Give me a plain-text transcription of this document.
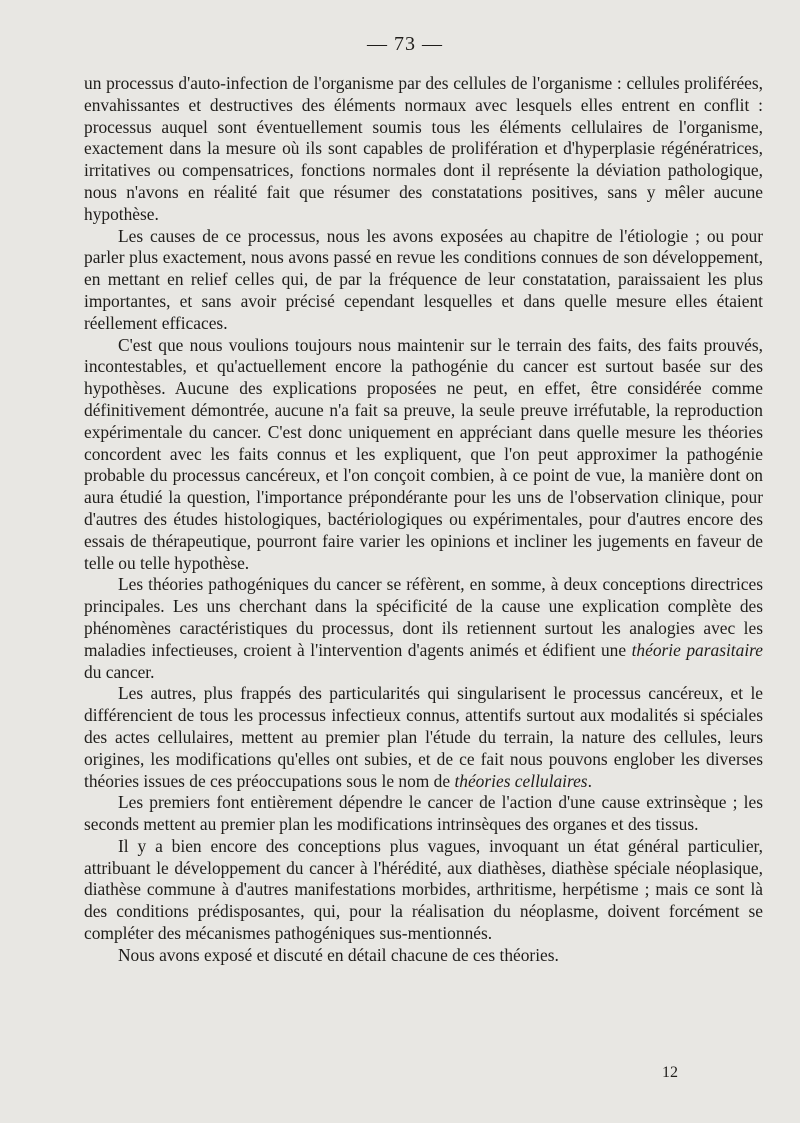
— 73 —

un processus d'auto-infection de l'organisme par des cellules de l'organisme : cellules proliférées, envahissantes et destructives des éléments normaux avec lesquels elles entrent en conflit : processus auquel sont éventuellement soumis tous les éléments cellulaires de l'organisme, exactement dans la mesure où ils sont capables de prolifération et d'hyperplasie régénératrices, irritatives ou compensatrices, fonctions normales dont il représente la déviation pathologique, nous n'avons en réalité fait que résumer des constatations positives, sans y mêler aucune hypothèse.

Les causes de ce processus, nous les avons exposées au chapitre de l'étiologie ; ou pour parler plus exactement, nous avons passé en revue les conditions connues de son développement, en mettant en relief celles qui, de par la fréquence de leur constatation, paraissaient les plus importantes, et sans avoir précisé cependant lesquelles et dans quelle mesure elles étaient réellement efficaces.

C'est que nous voulions toujours nous maintenir sur le terrain des faits, des faits prouvés, incontestables, et qu'actuellement encore la pathogénie du cancer est surtout basée sur des hypothèses. Aucune des explications proposées ne peut, en effet, être considérée comme définitivement démontrée, aucune n'a fait sa preuve, la seule preuve irréfutable, la reproduction expérimentale du cancer. C'est donc uniquement en appréciant dans quelle mesure les théories concordent avec les faits connus et les expliquent, que l'on peut approximer la pathogénie probable du processus cancéreux, et l'on conçoit combien, à ce point de vue, la manière dont on aura étudié la question, l'importance prépondérante pour les uns de l'observation clinique, pour d'autres des études histologiques, bactériologiques ou expérimentales, pour d'autres encore des essais de thérapeutique, pourront faire varier les opinions et incliner les jugements en faveur de telle ou telle hypothèse.

Les théories pathogéniques du cancer se réfèrent, en somme, à deux conceptions directrices principales. Les uns cherchant dans la spécificité de la cause une explication complète des phénomènes caractéristiques du processus, dont ils retiennent surtout les analogies avec les maladies infectieuses, croient à l'intervention d'agents animés et édifient une théorie parasitaire du cancer.

Les autres, plus frappés des particularités qui singularisent le processus cancéreux, et le différencient de tous les processus infectieux connus, attentifs surtout aux modalités si spéciales des actes cellulaires, mettent au premier plan l'étude du terrain, la nature des cellules, leurs origines, les modifications qu'elles ont subies, et de ce fait nous pouvons englober les diverses théories issues de ces préoccupations sous le nom de théories cellulaires.

Les premiers font entièrement dépendre le cancer de l'action d'une cause extrinsèque ; les seconds mettent au premier plan les modifications intrinsèques des organes et des tissus.

Il y a bien encore des conceptions plus vagues, invoquant un état général particulier, attribuant le développement du cancer à l'hérédité, aux diathèses, diathèse spéciale néoplasique, diathèse commune à d'autres manifestations morbides, arthritisme, herpétisme ; mais ce sont là des conditions prédisposantes, qui, pour la réalisation du néoplasme, doivent forcément se compléter des mécanismes pathogéniques sus-mentionnés.

Nous avons exposé et discuté en détail chacune de ces théories.

12
